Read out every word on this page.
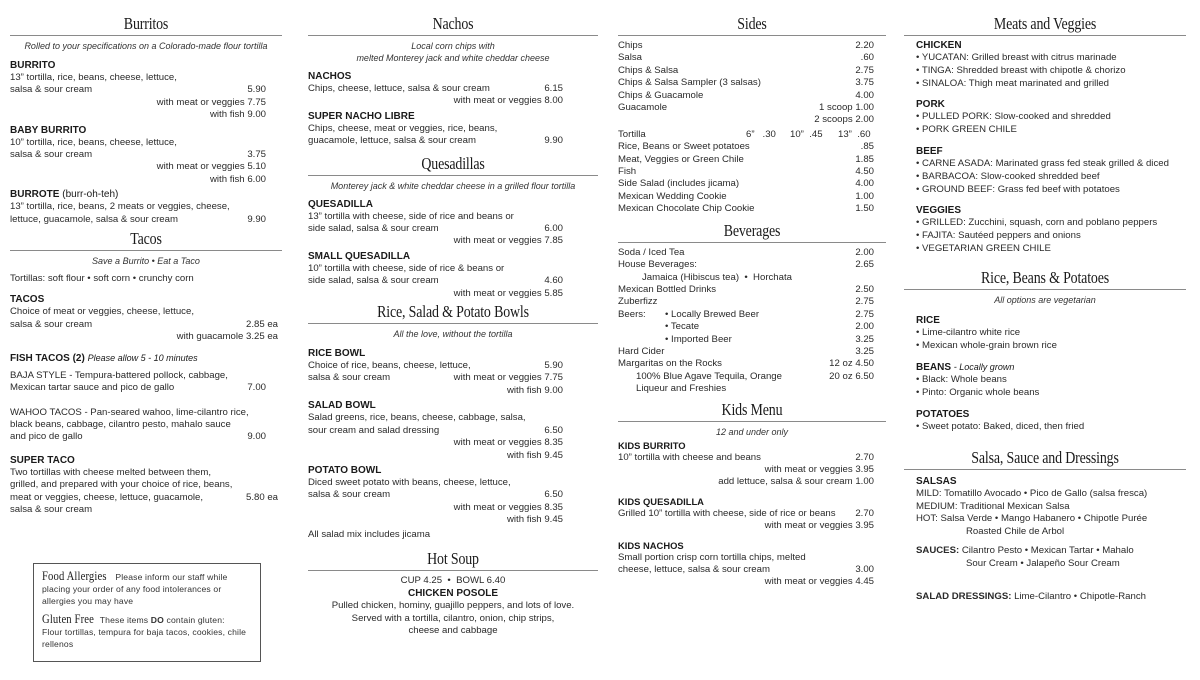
Burritos
Rolled to your specifications on a Colorado-made flour tortilla
BURRITO
13” tortilla, rice, beans, cheese, lettuce,
salsa & sour cream	5.90
with meat or veggies 7.75
with fish 9.00
BABY BURRITO
10” tortilla, rice, beans, cheese, lettuce,
salsa & sour cream	3.75
with meat or veggies 5.10
with fish 6.00
BURROTE (burr-oh-teh)
13” tortilla, rice, beans, 2 meats or veggies, cheese,
lettuce, guacamole, salsa & sour cream	9.90
Tacos
Save a Burrito • Eat a Taco
Tortillas: soft flour • soft corn • crunchy corn
TACOS
Choice of meat or veggies, cheese, lettuce,
salsa & sour cream	2.85 ea
with guacamole 3.25 ea
FISH TACOS (2) Please allow 5 - 10 minutes
BAJA STYLE - Tempura-battered pollock, cabbage,
Mexican tartar sauce and pico de gallo	7.00
WAHOO TACOS - Pan-seared wahoo, lime-cilantro rice,
black beans, cabbage, cilantro pesto, mahalo sauce
and pico de gallo	9.00
SUPER TACO
Two tortillas with cheese melted between them,
grilled, and prepared with your choice of rice, beans,
meat or veggies, cheese, lettuce, guacamole,	5.80 ea
salsa & sour cream
Food Allergies Please inform our staff while placing your order of any food intolerances or allergies you may have
Gluten Free These items DO contain gluten:
Flour tortillas, tempura for baja tacos, cookies, chile rellenos
Nachos
Local corn chips with
melted Monterey jack and white cheddar cheese
NACHOS
Chips, cheese, lettuce, salsa & sour cream	6.15
with meat or veggies 8.00
SUPER NACHO LIBRE
Chips, cheese, meat or veggies, rice, beans,
guacamole, lettuce, salsa & sour cream	9.90
Quesadillas
Monterey jack & white cheddar cheese in a grilled flour tortilla
QUESADILLA
13” tortilla with cheese, side of rice and beans or
side salad, salsa & sour cream	6.00
with meat or veggies 7.85
SMALL QUESADILLA
10” tortilla with cheese, side of rice & beans or
side salad, salsa & sour cream	4.60
with meat or veggies 5.85
Rice, Salad & Potato Bowls
All the love, without the tortilla
RICE BOWL
Choice of rice, beans, cheese, lettuce,	5.90
salsa & sour cream	with meat or veggies 7.75
with fish 9.00
SALAD BOWL
Salad greens, rice, beans, cheese, cabbage, salsa,
sour cream and salad dressing	6.50
with meat or veggies 8.35
with fish 9.45
POTATO BOWL
Diced sweet potato with beans, cheese, lettuce,
salsa & sour cream	6.50
with meat or veggies 8.35
with fish 9.45
All salad mix includes jicama
Hot Soup
CUP 4.25  •  BOWL 6.40
CHICKEN POSOLE
Pulled chicken, hominy, guajillo peppers, and lots of love.
Served with a tortilla, cilantro, onion, chip strips,
cheese and cabbage
Sides
Chips	2.20
Salsa	.60
Chips & Salsa	2.75
Chips & Salsa Sampler (3 salsas)	3.75
Chips & Guacamole	4.00
Guacamole	1 scoop 1.00
2 scoops 2.00
Tortilla	6” .30 10” .45 13” .60
Rice, Beans or Sweet potatoes	.85
Meat, Veggies or Green Chile	1.85
Fish	4.50
Side Salad (includes jicama)	4.00
Mexican Wedding Cookie	1.00
Mexican Chocolate Chip Cookie	1.50
Beverages
Soda / Iced Tea	2.00
House Beverages:	2.65
Jamaica (Hibiscus tea)  •  Horchata
Mexican Bottled Drinks	2.50
Zuberfizz	2.75
Beers: • Locally Brewed Beer	2.75
• Tecate	2.00
• Imported Beer	3.25
Hard Cider	3.25
Margaritas on the Rocks	12 oz 4.50
100% Blue Agave Tequila, Orange	20 oz 6.50
Liqueur and Freshies
Kids Menu
12 and under only
KIDS BURRITO
10” tortilla with cheese and beans	2.70
with meat or veggies 3.95
add lettuce, salsa & sour cream 1.00
KIDS QUESADILLA
Grilled 10” tortilla with cheese, side of rice or beans 2.70
with meat or veggies 3.95
KIDS NACHOS
Small portion crisp corn tortilla chips, melted
cheese, lettuce, salsa & sour cream	3.00
with meat or veggies 4.45
Meats and Veggies
CHICKEN
• YUCATAN: Grilled breast with citrus marinade
• TINGA: Shredded breast with chipotle & chorizo
• SINALOA: Thigh meat marinated and grilled
PORK
• PULLED PORK: Slow-cooked and shredded
• PORK GREEN CHILE
BEEF
• CARNE ASADA: Marinated grass fed steak grilled & diced
• BARBACOA: Slow-cooked shredded beef
• GROUND BEEF: Grass fed beef with potatoes
VEGGIES
• GRILLED: Zucchini, squash, corn and poblano peppers
• FAJITA: Sautéed peppers and onions
• VEGETARIAN GREEN CHILE
Rice, Beans & Potatoes
All options are vegetarian
RICE
• Lime-cilantro white rice
• Mexican whole-grain brown rice
BEANS - Locally grown
• Black: Whole beans
• Pinto: Organic whole beans
POTATOES
• Sweet potato: Baked, diced, then fried
Salsa, Sauce and Dressings
SALSAS
MILD: Tomatillo Avocado • Pico de Gallo (salsa fresca)
MEDIUM: Traditional Mexican Salsa
HOT: Salsa Verde • Mango Habanero • Chipotle Purée
Roasted Chile de Arbol
SAUCES: Cilantro Pesto • Mexican Tartar • Mahalo
Sour Cream • Jalapeño Sour Cream
SALAD DRESSINGS: Lime-Cilantro • Chipotle-Ranch
